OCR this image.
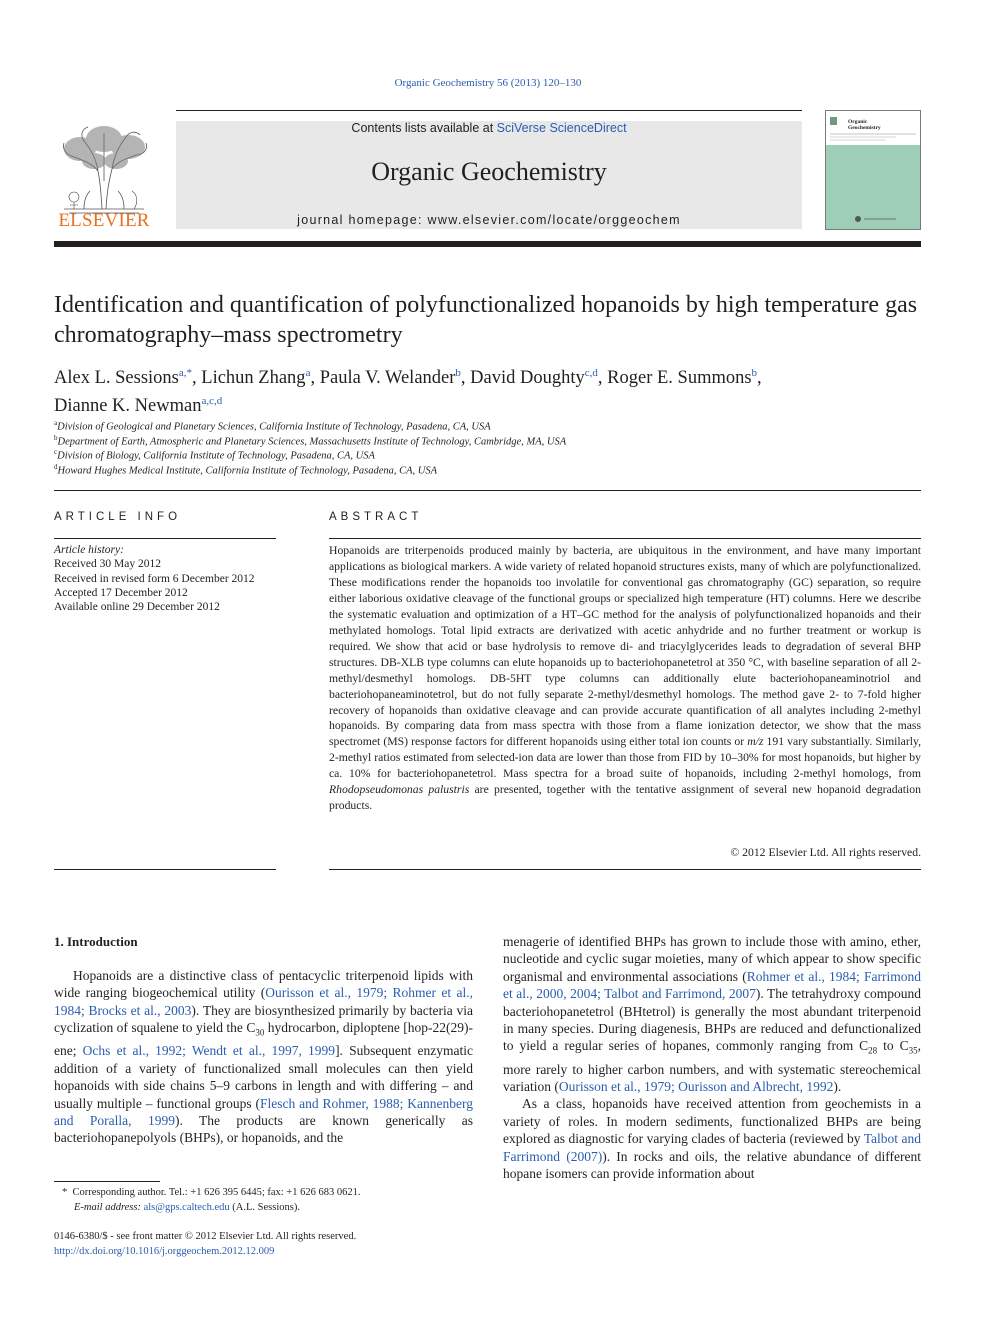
Organic Geochemistry 56 (2013) 120–130
Contents lists available at SciVerse ScienceDirect
Organic Geochemistry
journal homepage: www.elsevier.com/locate/orggeochem
ELSEVIER
Organic
Geochemistry
Identification and quantification of polyfunctionalized hopanoids by high temperature gas chromatography–mass spectrometry
Alex L. Sessions$^{a,*}$, Lichun Zhang$^a$, Paula V. Welander$^b$, David Doughty$^{c,d}$, Roger E. Summons$^b$,
Dianne K. Newman$^{a,c,d}$
$^a$Division of Geological and Planetary Sciences, California Institute of Technology, Pasadena, CA, USA
$^b$Department of Earth, Atmospheric and Planetary Sciences, Massachusetts Institute of Technology, Cambridge, MA, USA
$^c$Division of Biology, California Institute of Technology, Pasadena, CA, USA
$^d$Howard Hughes Medical Institute, California Institute of Technology, Pasadena, CA, USA
ARTICLE INFO	ABSTRACT
Article history:
Received 30 May 2012
Received in revised form 6 December 2012
Accepted 17 December 2012
Available online 29 December 2012
Hopanoids are triterpenoids produced mainly by bacteria, are ubiquitous in the environment, and have many important applications as biological markers. A wide variety of related hopanoid structures exists, many of which are polyfunctionalized. These modifications render the hopanoids too involatile for conventional gas chromatography (GC) separation, so require either laborious oxidative cleavage of the functional groups or specialized high temperature (HT) columns. Here we describe the systematic evaluation and optimization of a HT–GC method for the analysis of polyfunctionalized hopanoids and their methylated homologs. Total lipid extracts are derivatized with acetic anhydride and no further treatment or workup is required. We show that acid or base hydrolysis to remove di- and triacylglycerides leads to degradation of several BHP structures. DB-XLB type columns can elute hopanoids up to bacteriohopanetetrol at 350 °C, with baseline separation of all 2-methyl/desmethyl homologs. DB-5HT type columns can additionally elute bacteriohopaneaminotriol and bacteriohopaneaminotetrol, but do not fully separate 2-methyl/desmethyl homologs. The method gave 2- to 7-fold higher recovery of hopanoids than oxidative cleavage and can provide accurate quantification of all analytes including 2-methyl hopanoids. By comparing data from mass spectra with those from a flame ionization detector, we show that the mass spectromet (MS) response factors for different hopanoids using either total ion counts or m/z 191 vary substantially. Similarly, 2-methyl ratios estimated from selected-ion data are lower than those from FID by 10–30% for most hopanoids, but higher by ca. 10% for bacteriohopanetetrol. Mass spectra for a broad suite of hopanoids, including 2-methyl homologs, from Rhodopseudomonas palustris are presented, together with the tentative assignment of several new hopanoid degradation products.
© 2012 Elsevier Ltd. All rights reserved.
1. Introduction

Hopanoids are a distinctive class of pentacyclic triterpenoid lipids with wide ranging biogeochemical utility (Ourisson et al., 1979; Rohmer et al., 1984; Brocks et al., 2003). They are biosynthesized primarily by bacteria via cyclization of squalene to yield the $C_{30}$ hydrocarbon, diploptene [hop-22(29)-ene; Ochs et al., 1992; Wendt et al., 1997, 1999]. Subsequent enzymatic addition of a variety of functionalized small molecules can then yield hopanoids with side chains 5–9 carbons in length and with differing – and usually multiple – functional groups (Flesch and Rohmer, 1988; Kannenberg and Poralla, 1999). The products are known generically as bacteriohopanepolyols (BHPs), or hopanoids, and the

menagerie of identified BHPs has grown to include those with amino, ether, nucleotide and cyclic sugar moieties, many of which appear to show specific organismal and environmental associations (Rohmer et al., 1984; Farrimond et al., 2000, 2004; Talbot and Farrimond, 2007). The tetrahydroxy compound bacteriohopanetetrol (BHtetrol) is generally the most abundant triterpenoid in many species. During diagenesis, BHPs are reduced and defunctionalized to yield a regular series of hopanes, commonly ranging from $C_{28}$ to $C_{35}$, more rarely to higher carbon numbers, and with systematic stereochemical variation (Ourisson et al., 1979; Ourisson and Albrecht, 1992).

As a class, hopanoids have received attention from geochemists in a variety of roles. In modern sediments, functionalized BHPs are being explored as diagnostic for varying clades of bacteria (reviewed by Talbot and Farrimond (2007)). In rocks and oils, the relative abundance of different hopane isomers can provide information about

* Corresponding author. Tel.: +1 626 395 6445; fax: +1 626 683 0621.
E-mail address: als@gps.caltech.edu (A.L. Sessions).
0146-6380/$ - see front matter © 2012 Elsevier Ltd. All rights reserved.
http://dx.doi.org/10.1016/j.orggeochem.2012.12.009
